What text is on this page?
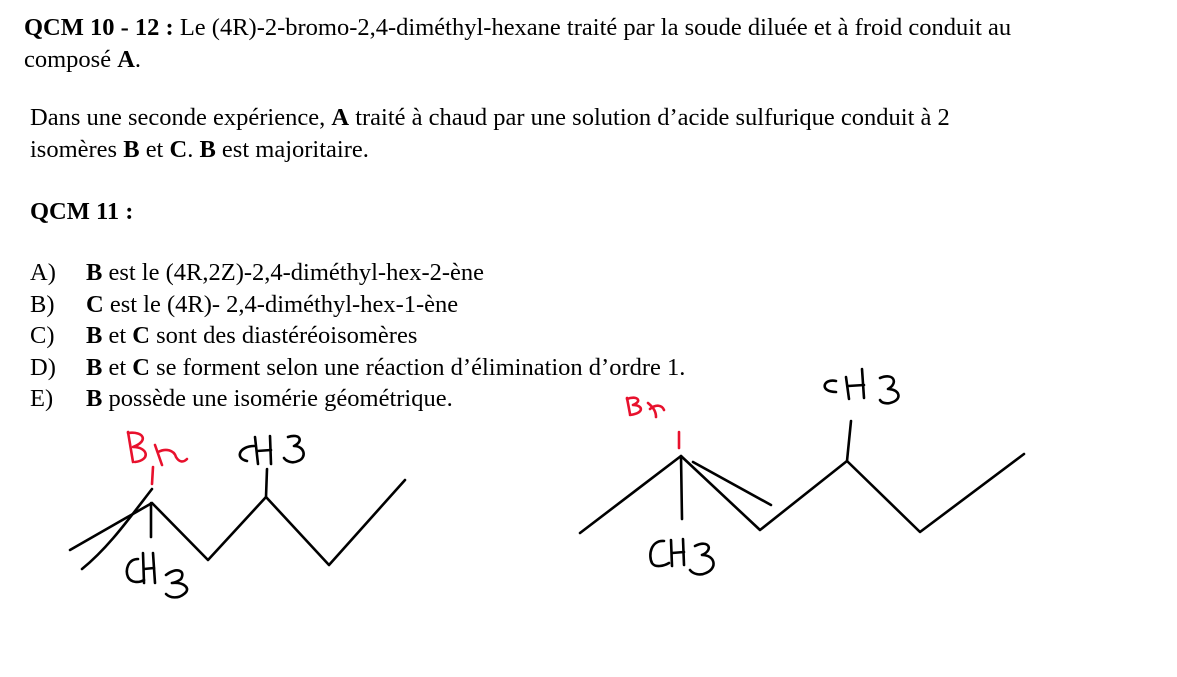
QCM 10 - 12 : Le (4R)-2-bromo-2,4-diméthyl-hexane traité par la soude diluée et à froid conduit au
composé A.
Dans une seconde expérience, A traité à chaud par une solution d’acide sulfurique conduit à 2
isomères B et C. B est majoritaire.
QCM 11 :
A) B est le (4R,2Z)-2,4-diméthyl-hex-2-ène
B) C est le (4R)- 2,4-diméthyl-hex-1-ène
C) B et C sont des diastéréoisomères
D) B et C se forment selon une réaction d’élimination d’ordre 1.
E) B possède une isomérie géométrique.
